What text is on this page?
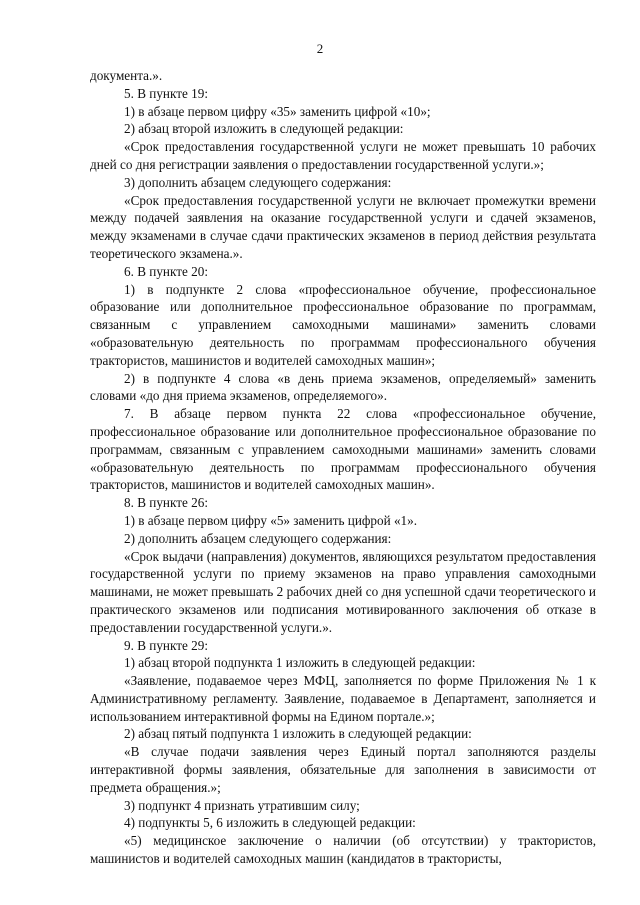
2

документа.».

5. В пункте 19:

1) в абзаце первом цифру «35» заменить цифрой «10»;

2) абзац второй изложить в следующей редакции:

«Срок предоставления государственной услуги не может превышать 10 рабочих дней со дня регистрации заявления о предоставлении государственной услуги.»;

3) дополнить абзацем следующего содержания:

«Срок предоставления государственной услуги не включает промежутки времени между подачей заявления на оказание государственной услуги и сдачей экзаменов, между экзаменами в случае сдачи практических экзаменов в период действия результата теоретического экзамена.».

6. В пункте 20:

1) в подпункте 2 слова «профессиональное обучение, профессиональное образование или дополнительное профессиональное образование по программам, связанным с управлением самоходными машинами» заменить словами «образовательную деятельность по программам профессионального обучения трактористов, машинистов и водителей самоходных машин»;

2) в подпункте 4 слова «в день приема экзаменов, определяемый» заменить словами «до дня приема экзаменов, определяемого».

7. В абзаце первом пункта 22 слова «профессиональное обучение, профессиональное образование или дополнительное профессиональное образование по программам, связанным с управлением самоходными машинами» заменить словами «образовательную деятельность по программам профессионального обучения трактористов, машинистов и водителей самоходных машин».

8. В пункте 26:

1) в абзаце первом цифру «5» заменить цифрой «1».

2) дополнить абзацем следующего содержания:

«Срок выдачи (направления) документов, являющихся результатом предоставления государственной услуги по приему экзаменов на право управления самоходными машинами, не может превышать 2 рабочих дней со дня успешной сдачи теоретического и практического экзаменов или подписания мотивированного заключения об отказе в предоставлении государственной услуги.».

9. В пункте 29:

1) абзац второй подпункта 1 изложить в следующей редакции:

«Заявление, подаваемое через МФЦ, заполняется по форме Приложения № 1 к Административному регламенту. Заявление, подаваемое в Департамент, заполняется и использованием интерактивной формы на Едином портале.»;

2) абзац пятый подпункта 1 изложить в следующей редакции:

«В случае подачи заявления через Единый портал заполняются разделы интерактивной формы заявления, обязательные для заполнения в зависимости от предмета обращения.»;

3) подпункт 4 признать утратившим силу;

4) подпункты 5, 6 изложить в следующей редакции:

«5) медицинское заключение о наличии (об отсутствии) у трактористов, машинистов и водителей самоходных машин (кандидатов в трактористы,
